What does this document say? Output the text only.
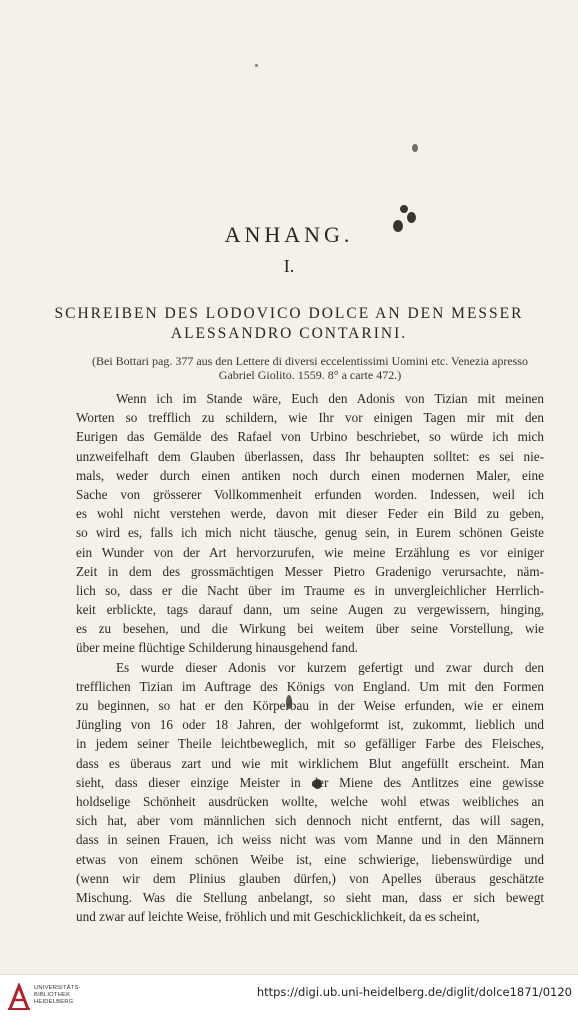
ANHANG.
I.
SCHREIBEN DES LODOVICO DOLCE AN DEN MESSER
ALESSANDRO CONTARINI.
(Bei Bottari pag. 377 aus den Lettere di diversi eccelentissimi Uomini etc. Venezia apresso
Gabriel Giolito. 1559. 8° a carte 472.)
Wenn ich im Stande wäre, Euch den Adonis von Tizian mit meinen
Worten so trefflich zu schildern, wie Ihr vor einigen Tagen mir mit den
Eurigen das Gemälde des Rafael von Urbino beschriebet, so würde ich mich
unzweifelhaft dem Glauben überlassen, dass Ihr behaupten solltet: es sei nie-
mals, weder durch einen antiken noch durch einen modernen Maler, eine
Sache von grösserer Vollkommenheit erfunden worden. Indessen, weil ich
es wohl nicht verstehen werde, davon mit dieser Feder ein Bild zu geben,
so wird es, falls ich mich nicht täusche, genug sein, in Eurem schönen Geiste
ein Wunder von der Art hervorzurufen, wie meine Erzählung es vor einiger
Zeit in dem des grossmächtigen Messer Pietro Gradenigo verursachte, näm-
lich so, dass er die Nacht über im Traume es in unvergleichlicher Herrlich-
keit erblickte, tags darauf dann, um seine Augen zu vergewissern, hinging,
es zu besehen, und die Wirkung bei weitem über seine Vorstellung, wie
über meine flüchtige Schilderung hinausgehend fand.
Es wurde dieser Adonis vor kurzem gefertigt und zwar durch den
trefflichen Tizian im Auftrage des Königs von England. Um mit den Formen
zu beginnen, so hat er den Körperbau in der Weise erfunden, wie er einem
Jüngling von 16 oder 18 Jahren, der wohlgeformt ist, zukommt, lieblich und
in jedem seiner Theile leichtbeweglich, mit so gefälliger Farbe des Fleisches,
dass es überaus zart und wie mit wirklichem Blut angefüllt erscheint. Man
sieht, dass dieser einzige Meister in der Miene des Antlitzes eine gewisse
holdselige Schönheit ausdrücken wollte, welche wohl etwas weibliches an
sich hat, aber vom männlichen sich dennoch nicht entfernt, das will sagen,
dass in seinen Frauen, ich weiss nicht was vom Manne und in den Männern
etwas von einem schönen Weibe ist, eine schwierige, liebenswürdige und
(wenn wir dem Plinius glauben dürfen,) von Apelles überaus geschätzte
Mischung. Was die Stellung anbelangt, so sieht man, dass er sich bewegt
und zwar auf leichte Weise, fröhlich und mit Geschicklichkeit, da es scheint,
UNIVERSITÄTS-
BIBLIOTHEK
HEIDELBERG
https://digi.ub.uni-heidelberg.de/diglit/dolce1871/0120
